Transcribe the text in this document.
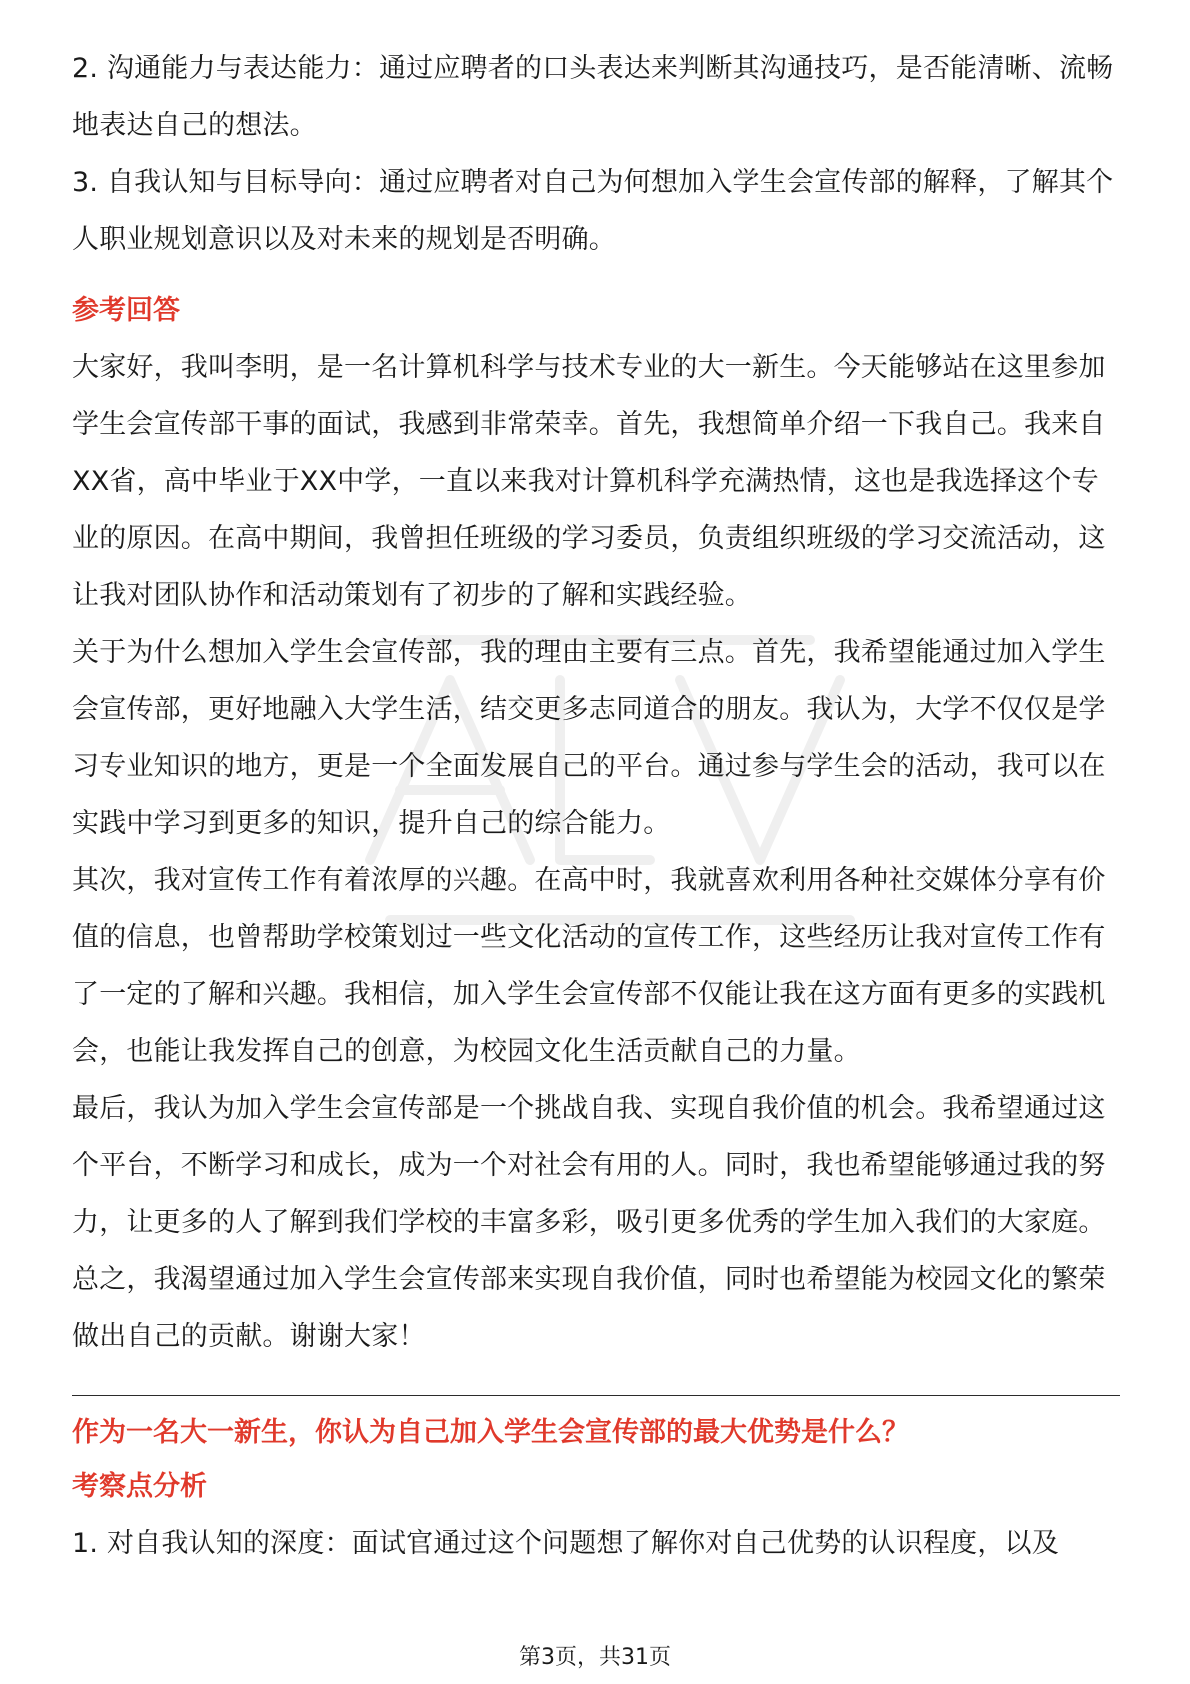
2. 沟通能力与表达能力：通过应聘者的口头表达来判断其沟通技巧，是否能清晰、流畅地表达自己的想法。

3. 自我认知与目标导向：通过应聘者对自己为何想加入学生会宣传部的解释，了解其个人职业规划意识以及对未来的规划是否明确。

参考回答

大家好，我叫李明，是一名计算机科学与技术专业的大一新生。今天能够站在这里参加学生会宣传部干事的面试，我感到非常荣幸。首先，我想简单介绍一下我自己。我来自XX省，高中毕业于XX中学，一直以来我对计算机科学充满热情，这也是我选择这个专业的原因。在高中期间，我曾担任班级的学习委员，负责组织班级的学习交流活动，这让我对团队协作和活动策划有了初步的了解和实践经验。

关于为什么想加入学生会宣传部，我的理由主要有三点。首先，我希望能通过加入学生会宣传部，更好地融入大学生活，结交更多志同道合的朋友。我认为，大学不仅仅是学习专业知识的地方，更是一个全面发展自己的平台。通过参与学生会的活动，我可以在实践中学习到更多的知识，提升自己的综合能力。

其次，我对宣传工作有着浓厚的兴趣。在高中时，我就喜欢利用各种社交媒体分享有价值的信息，也曾帮助学校策划过一些文化活动的宣传工作，这些经历让我对宣传工作有了一定的了解和兴趣。我相信，加入学生会宣传部不仅能让我在这方面有更多的实践机会，也能让我发挥自己的创意，为校园文化生活贡献自己的力量。

最后，我认为加入学生会宣传部是一个挑战自我、实现自我价值的机会。我希望通过这个平台，不断学习和成长，成为一个对社会有用的人。同时，我也希望能够通过我的努力，让更多的人了解到我们学校的丰富多彩，吸引更多优秀的学生加入我们的大家庭。

总之，我渴望通过加入学生会宣传部来实现自我价值，同时也希望能为校园文化的繁荣做出自己的贡献。谢谢大家！

作为一名大一新生，你认为自己加入学生会宣传部的最大优势是什么？

考察点分析

1. 对自我认知的深度：面试官通过这个问题想了解你对自己优势的认识程度，以及

第3页，共31页
